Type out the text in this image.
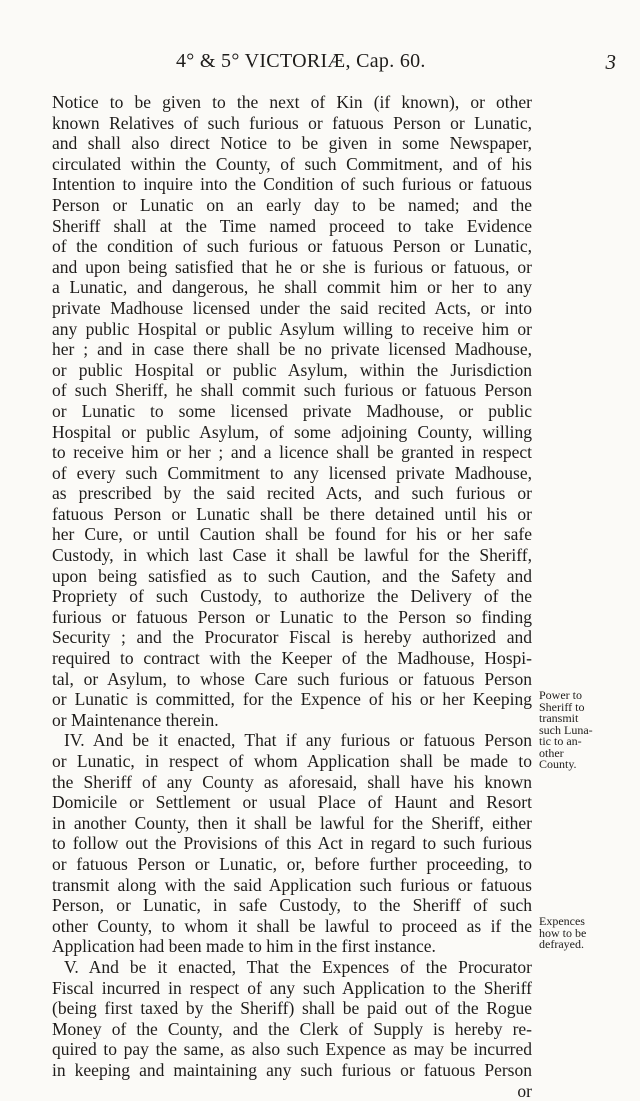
4° & 5° VICTORIÆ, Cap. 60.	3
Notice to be given to the next of Kin (if known), or other
known Relatives of such furious or fatuous Person or Lunatic,
and shall also direct Notice to be given in some Newspaper,
circulated within the County, of such Commitment, and of his
Intention to inquire into the Condition of such furious or fatuous
Person or Lunatic on an early day to be named; and the
Sheriff shall at the Time named proceed to take Evidence
of the condition of such furious or fatuous Person or Lunatic,
and upon being satisfied that he or she is furious or fatuous, or
a Lunatic, and dangerous, he shall commit him or her to any
private Madhouse licensed under the said recited Acts, or into
any public Hospital or public Asylum willing to receive him or
her ; and in case there shall be no private licensed Madhouse,
or public Hospital or public Asylum, within the Jurisdiction
of such Sheriff, he shall commit such furious or fatuous Person
or Lunatic to some licensed private Madhouse, or public
Hospital or public Asylum, of some adjoining County, willing
to receive him or her ; and a licence shall be granted in respect
of every such Commitment to any licensed private Madhouse,
as prescribed by the said recited Acts, and such furious or
fatuous Person or Lunatic shall be there detained until his or
her Cure, or until Caution shall be found for his or her safe
Custody, in which last Case it shall be lawful for the Sheriff,
upon being satisfied as to such Caution, and the Safety and
Propriety of such Custody, to authorize the Delivery of the
furious or fatuous Person or Lunatic to the Person so finding
Security ; and the Procurator Fiscal is hereby authorized and
required to contract with the Keeper of the Madhouse, Hospi-
tal, or Asylum, to whose Care such furious or fatuous Person
or Lunatic is committed, for the Expence of his or her Keeping
or Maintenance therein.
IV. And be it enacted, That if any furious or fatuous Person
or Lunatic, in respect of whom Application shall be made to
the Sheriff of any County as aforesaid, shall have his known
Domicile or Settlement or usual Place of Haunt and Resort
in another County, then it shall be lawful for the Sheriff, either
to follow out the Provisions of this Act in regard to such furious
or fatuous Person or Lunatic, or, before further proceeding, to
transmit along with the said Application such furious or fatuous
Person, or Lunatic, in safe Custody, to the Sheriff of such
other County, to whom it shall be lawful to proceed as if the
Application had been made to him in the first instance.
V. And be it enacted, That the Expences of the Procurator
Fiscal incurred in respect of any such Application to the Sheriff
(being first taxed by the Sheriff) shall be paid out of the Rogue
Money of the County, and the Clerk of Supply is hereby re-
quired to pay the same, as also such Expence as may be incurred
in keeping and maintaining any such furious or fatuous Person
or
Power to
Sheriff to
transmit
such Luna-
tic to an-
other
County.
Expences
how to be
defrayed.
